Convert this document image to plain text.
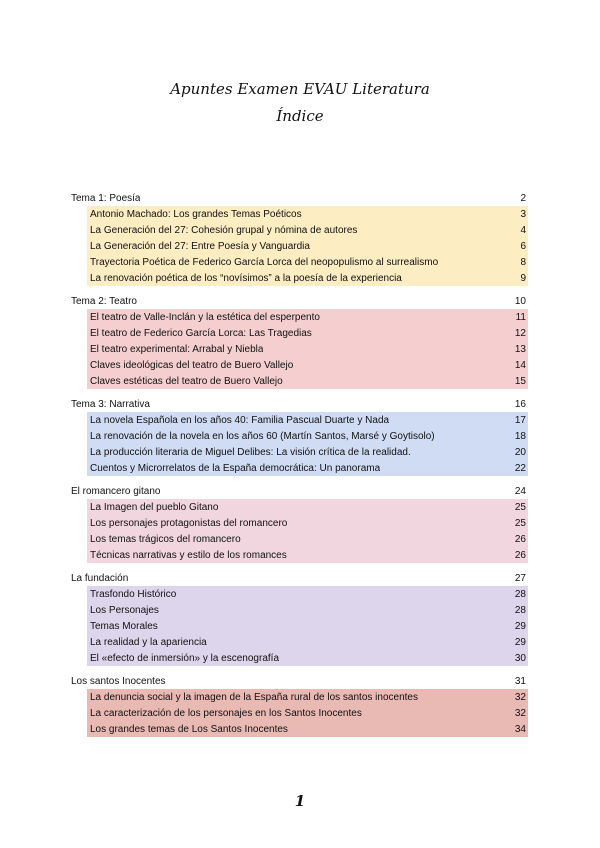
Apuntes Examen EVAU Literatura
Índice
Tema 1: Poesía	2
Antonio Machado: Los grandes Temas Poéticos	3
La Generación del 27: Cohesión grupal y nómina de autores	4
La Generación del 27: Entre Poesía y Vanguardia	6
Trayectoria Poética de Federico García Lorca del neopopulismo al surrealismo	8
La renovación poética de los “novísimos” a la poesía de la experiencia	9
Tema 2: Teatro	10
El teatro de Valle-Inclán y la estética del esperpento	11
El teatro de Federico García Lorca: Las Tragedias	12
El teatro experimental: Arrabal y Niebla	13
Claves ideológicas del teatro de Buero Vallejo	14
Claves estéticas del teatro de Buero Vallejo	15
Tema 3: Narrativa	16
La novela Española en los años 40: Familia Pascual Duarte y Nada	17
La renovación de la novela en los años 60 (Martín Santos, Marsé y Goytisolo)	18
La producción literaria de Miguel Delibes: La visión crítica de la realidad.	20
Cuentos y Microrrelatos de la España democrática: Un panorama	22
El romancero gitano	24
La Imagen del pueblo Gitano	25
Los personajes protagonistas del romancero	25
Los temas trágicos del romancero	26
Técnicas narrativas y estilo de los romances	26
La fundación	27
Trasfondo Histórico	28
Los Personajes	28
Temas Morales	29
La realidad y la apariencia	29
El «efecto de inmersión» y la escenografía	30
Los santos Inocentes	31
La denuncia social y la imagen de la España rural de los santos inocentes	32
La caracterización de los personajes en los Santos Inocentes	32
Los grandes temas de Los Santos Inocentes	34
1
